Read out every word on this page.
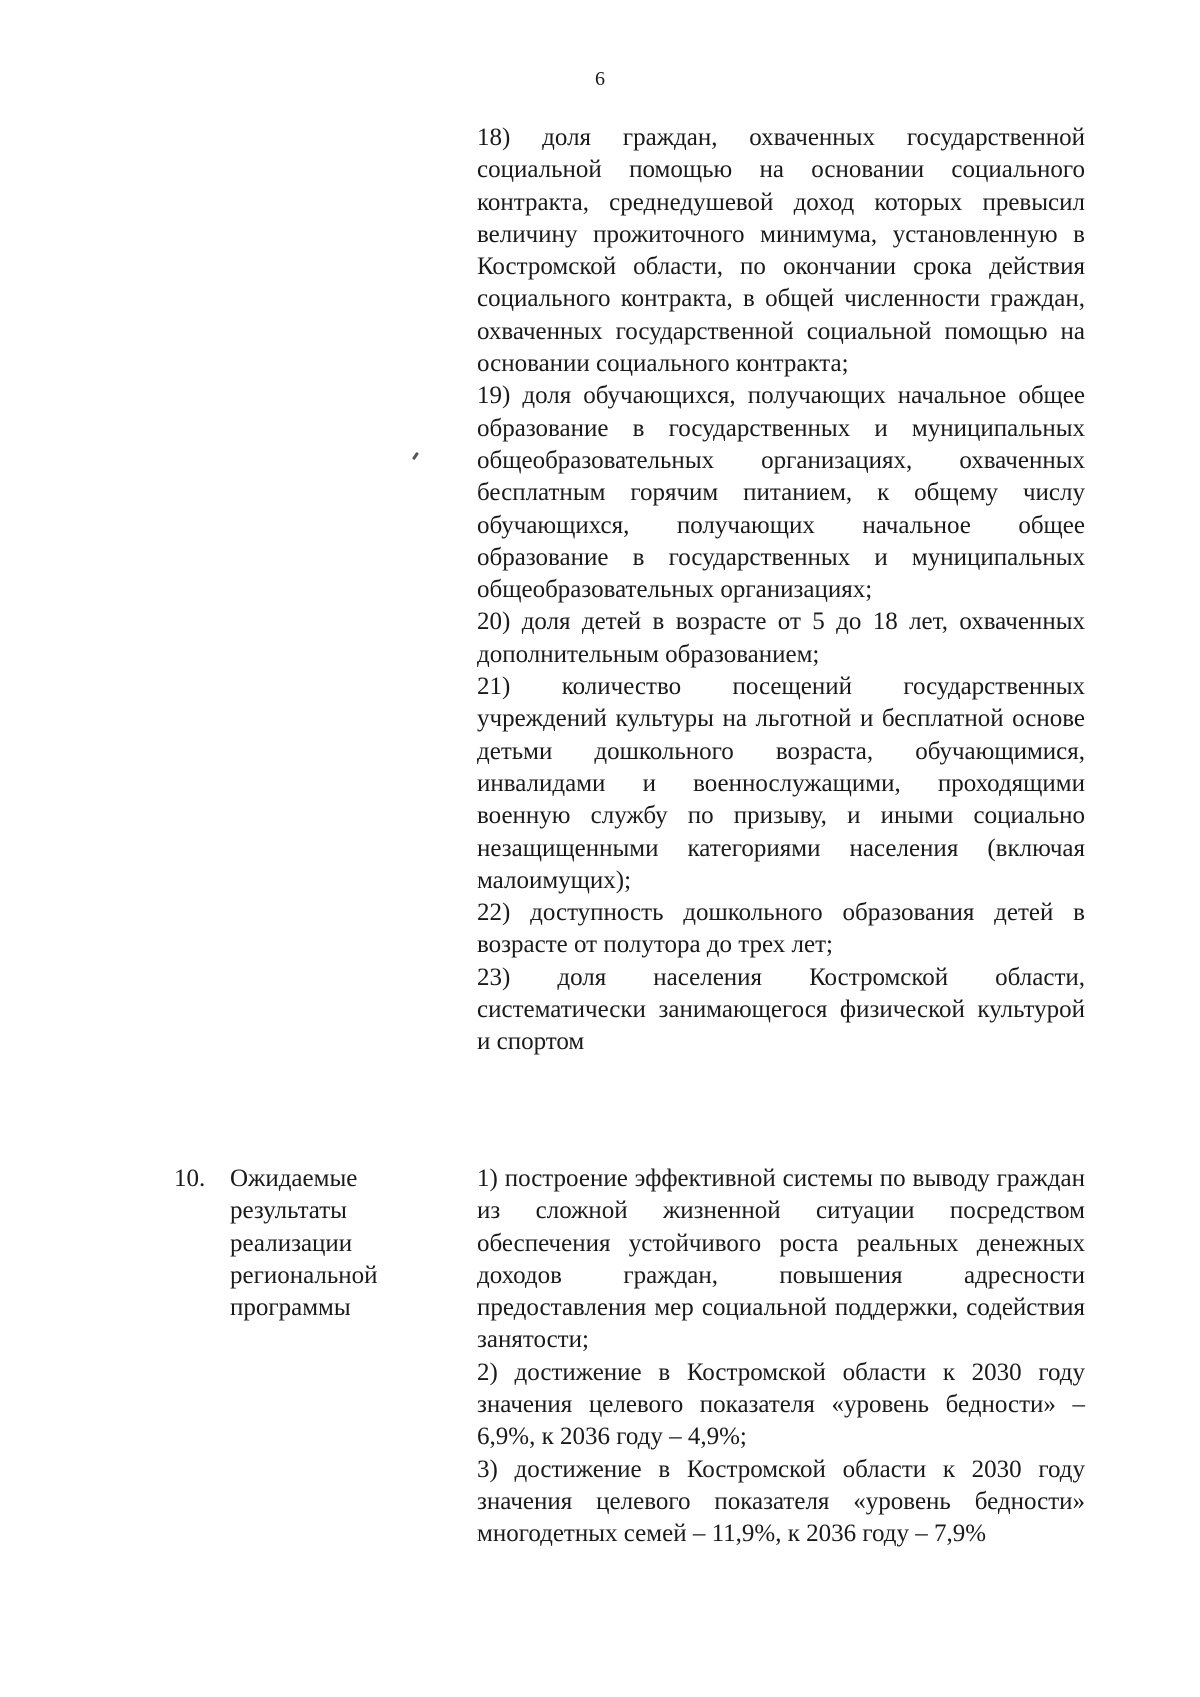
6

18) доля граждан, охваченных государственной социальной помощью на основании социального контракта, среднедушевой доход которых превысил величину прожиточного минимума, установленную в Костромской области, по окончании срока действия социального контракта, в общей численности граждан, охваченных государственной социальной помощью на основании социального контракта;

19) доля обучающихся, получающих начальное общее образование в государственных и муниципальных общеобразовательных организациях, охваченных бесплатным горячим питанием, к общему числу обучающихся, получающих начальное общее образование в государственных и муниципальных общеобразовательных организациях;

20) доля детей в возрасте от 5 до 18 лет, охваченных дополнительным образованием;

21) количество посещений государственных учреждений культуры на льготной и бесплатной основе детьми дошкольного возраста, обучающимися, инвалидами и военнослужащими, проходящими военную службу по призыву, и иными социально незащищенными категориями населения (включая малоимущих);

22) доступность дошкольного образования детей в возрасте от полутора до трех лет;

23) доля населения Костромской области, систематически занимающегося физической культурой и спортом

10. Ожидаемые результаты реализации региональной программы

1) построение эффективной системы по выводу граждан из сложной жизненной ситуации посредством обеспечения устойчивого роста реальных денежных доходов граждан, повышения адресности предоставления мер социальной поддержки, содействия занятости;

2) достижение в Костромской области к 2030 году значения целевого показателя «уровень бедности» – 6,9%, к 2036 году – 4,9%;

3) достижение в Костромской области к 2030 году значения целевого показателя «уровень бедности» многодетных семей – 11,9%, к 2036 году – 7,9%
